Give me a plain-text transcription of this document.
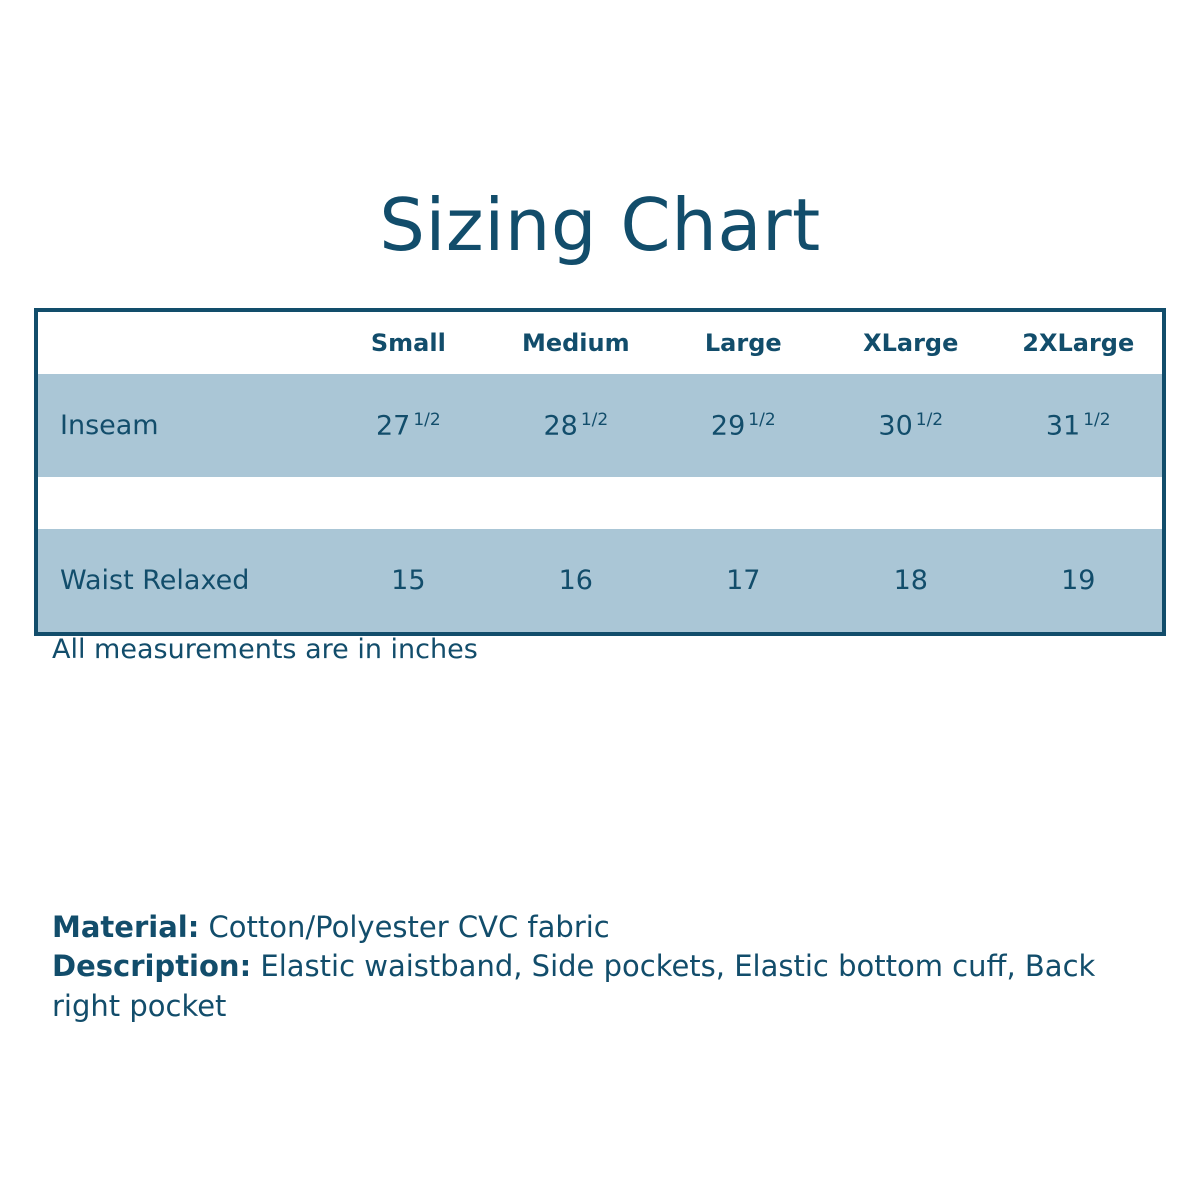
Sizing Chart
	Small	Medium	Large	XLarge	2XLarge
Inseam	27 $^{1/2}$	28 $^{1/2}$	29 $^{1/2}$	30 $^{1/2}$	31 $^{1/2}$

Waist Relaxed	15	16	17	18	19
All measurements are in inches
Material: Cotton/Polyester CVC fabric
Description: Elastic waistband, Side pockets, Elastic bottom cuff, Back right pocket
